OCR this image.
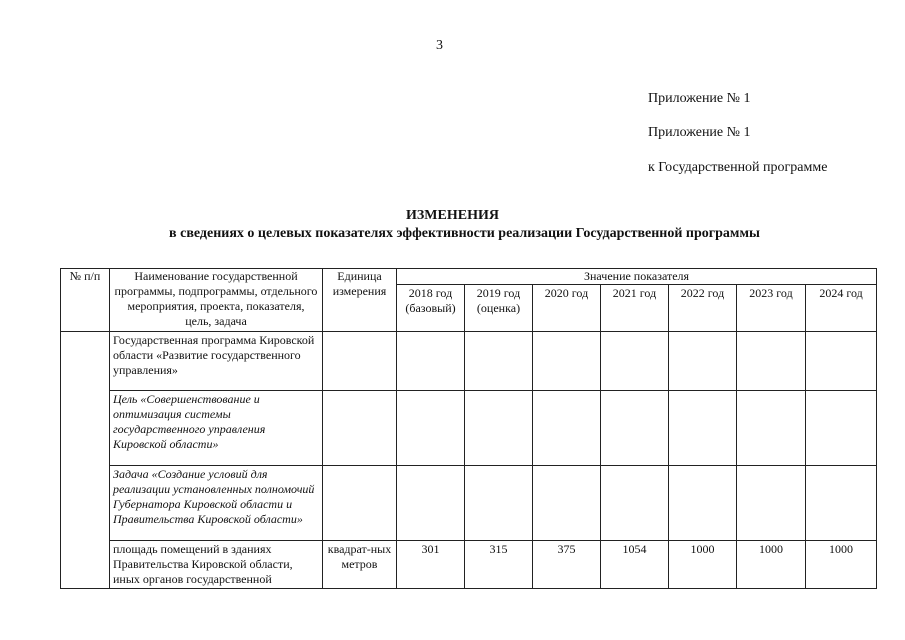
3
Приложение № 1
Приложение № 1
к Государственной программе
ИЗМЕНЕНИЯ
в сведениях о целевых показателях эффективности реализации Государственной программы
№ п/п	Наименование государственной программы, подпрограммы, отдельного мероприятия, проекта, показателя, цель, задача	Единица измерения	Значение показателя						
			2018 год (базовый)	2019 год (оценка)	2020 год	2021 год	2022 год	2023 год	2024 год
	Государственная программа Кировской области «Развитие государственного управления»								
	Цель «Совершенствование и оптимизация системы государственного управления Кировской области»								
	Задача «Создание условий для реализации установленных полномочий Губернатора Кировской области и Правительства Кировской области»								
	площадь помещений в зданиях Правительства Кировской области, иных органов государственной	квадрат-ных метров	301	315	375	1054	1000	1000	1000
